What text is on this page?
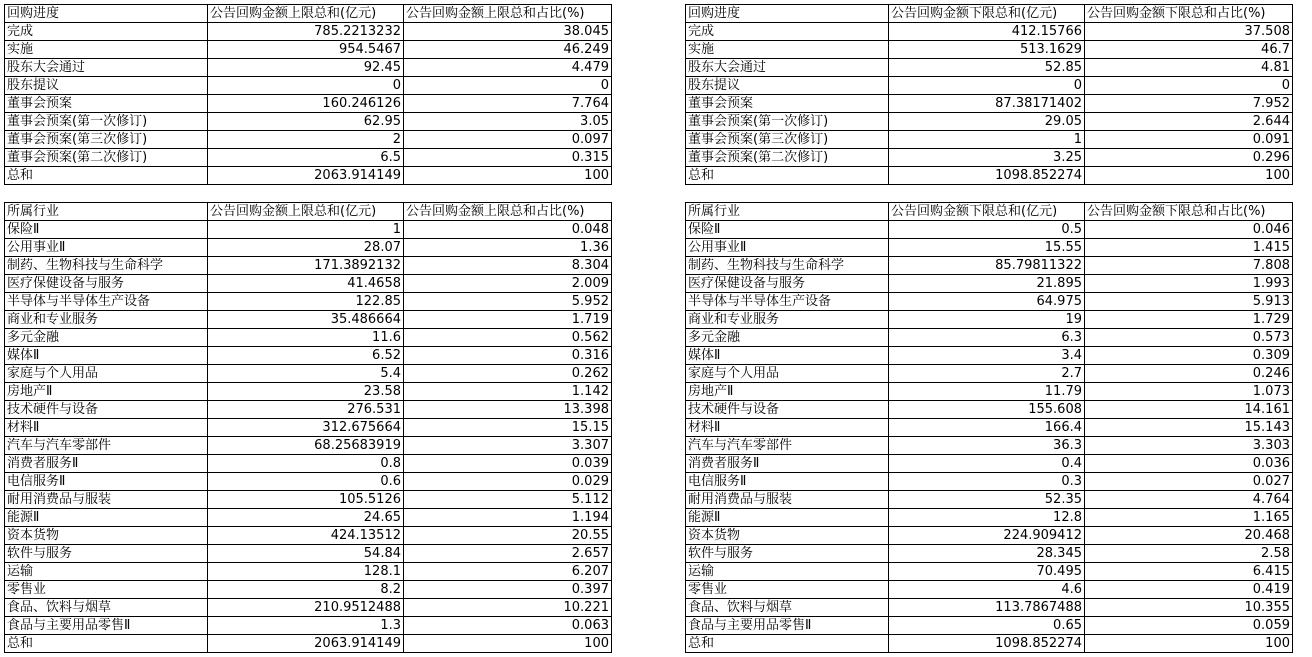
回购进度	公告回购金额上限总和(亿元)	公告回购金额上限总和占比(%)
完成	785.2213232	38.045
实施	954.5467	46.249
股东大会通过	92.45	4.479
股东提议	0	0
董事会预案	160.246126	7.764
董事会预案(第一次修订)	62.95	3.05
董事会预案(第三次修订)	2	0.097
董事会预案(第二次修订)	6.5	0.315
总和	2063.914149	100
回购进度	公告回购金额下限总和(亿元)	公告回购金额下限总和占比(%)
完成	412.15766	37.508
实施	513.1629	46.7
股东大会通过	52.85	4.81
股东提议	0	0
董事会预案	87.38171402	7.952
董事会预案(第一次修订)	29.05	2.644
董事会预案(第三次修订)	1	0.091
董事会预案(第二次修订)	3.25	0.296
总和	1098.852274	100
所属行业	公告回购金额上限总和(亿元)	公告回购金额上限总和占比(%)
保险Ⅱ	1	0.048
公用事业Ⅱ	28.07	1.36
制药、生物科技与生命科学	171.3892132	8.304
医疗保健设备与服务	41.4658	2.009
半导体与半导体生产设备	122.85	5.952
商业和专业服务	35.486664	1.719
多元金融	11.6	0.562
媒体Ⅱ	6.52	0.316
家庭与个人用品	5.4	0.262
房地产Ⅱ	23.58	1.142
技术硬件与设备	276.531	13.398
材料Ⅱ	312.675664	15.15
汽车与汽车零部件	68.25683919	3.307
消费者服务Ⅱ	0.8	0.039
电信服务Ⅱ	0.6	0.029
耐用消费品与服装	105.5126	5.112
能源Ⅱ	24.65	1.194
资本货物	424.13512	20.55
软件与服务	54.84	2.657
运输	128.1	6.207
零售业	8.2	0.397
食品、饮料与烟草	210.9512488	10.221
食品与主要用品零售Ⅱ	1.3	0.063
总和	2063.914149	100
所属行业	公告回购金额下限总和(亿元)	公告回购金额下限总和占比(%)
保险Ⅱ	0.5	0.046
公用事业Ⅱ	15.55	1.415
制药、生物科技与生命科学	85.79811322	7.808
医疗保健设备与服务	21.895	1.993
半导体与半导体生产设备	64.975	5.913
商业和专业服务	19	1.729
多元金融	6.3	0.573
媒体Ⅱ	3.4	0.309
家庭与个人用品	2.7	0.246
房地产Ⅱ	11.79	1.073
技术硬件与设备	155.608	14.161
材料Ⅱ	166.4	15.143
汽车与汽车零部件	36.3	3.303
消费者服务Ⅱ	0.4	0.036
电信服务Ⅱ	0.3	0.027
耐用消费品与服装	52.35	4.764
能源Ⅱ	12.8	1.165
资本货物	224.909412	20.468
软件与服务	28.345	2.58
运输	70.495	6.415
零售业	4.6	0.419
食品、饮料与烟草	113.7867488	10.355
食品与主要用品零售Ⅱ	0.65	0.059
总和	1098.852274	100
